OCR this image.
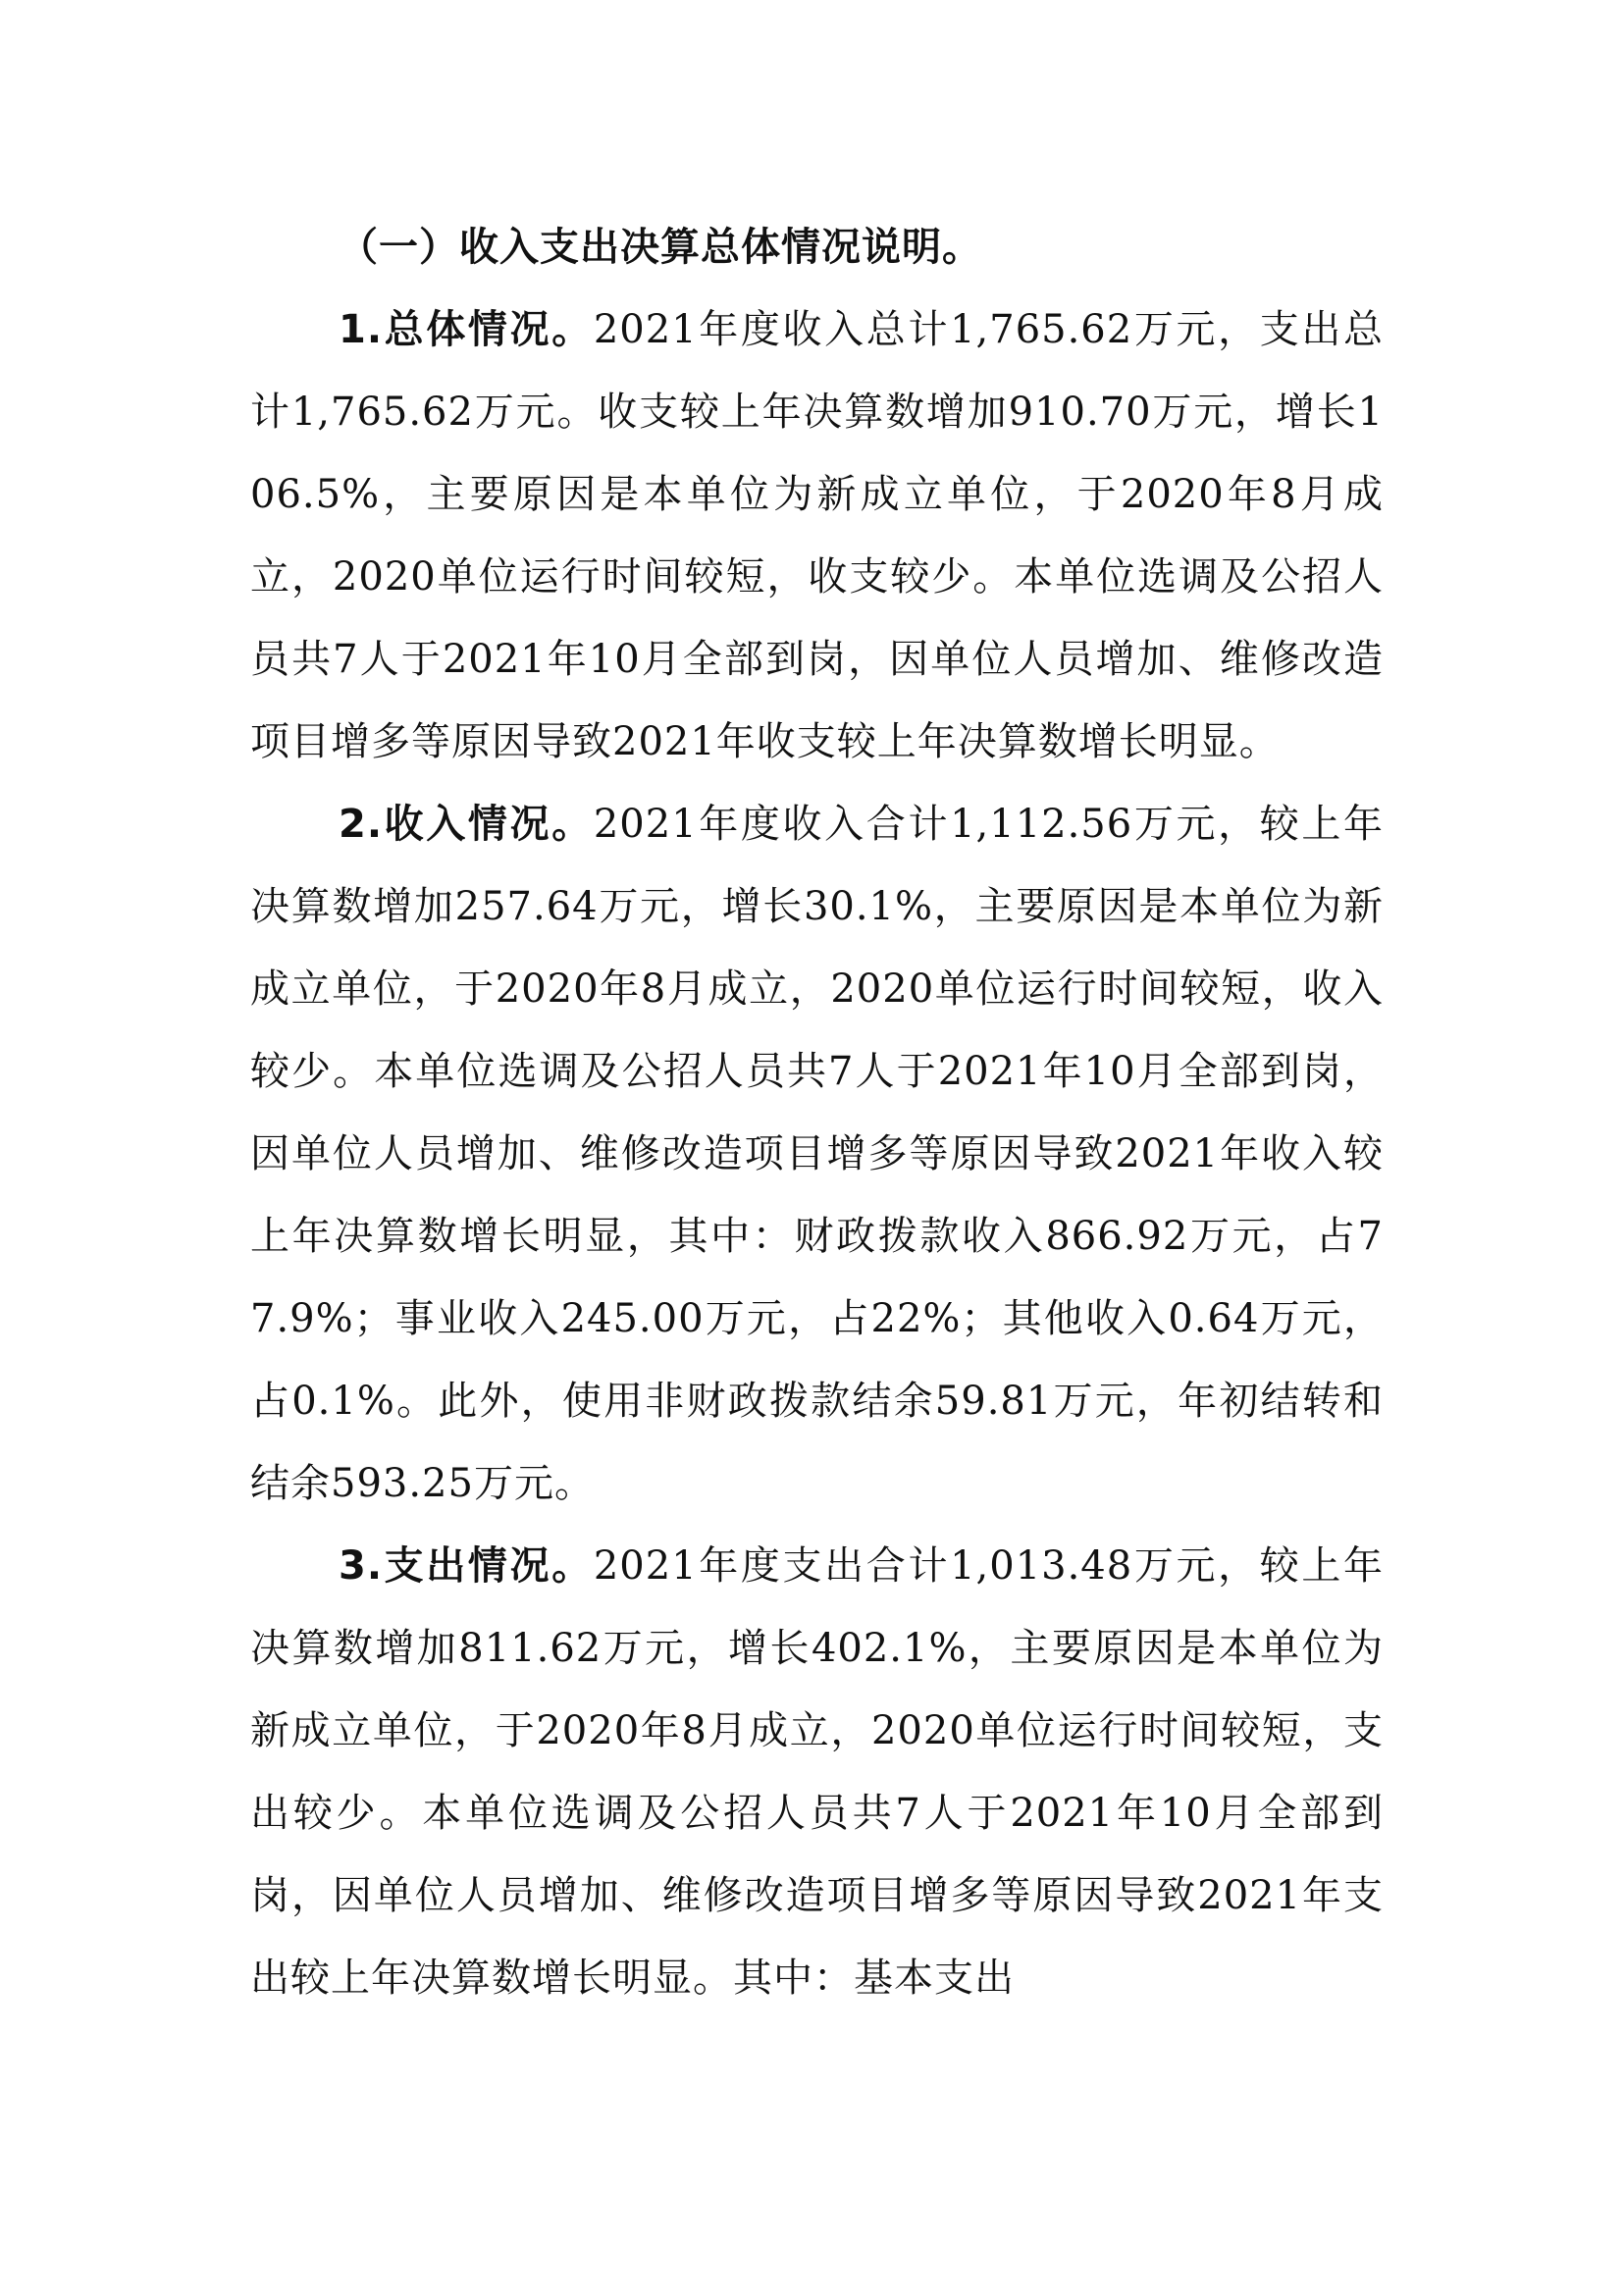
（一）收入支出决算总体情况说明。

1.总体情况。2021年度收入总计1,765.62万元，支出总计1,765.62万元。收支较上年决算数增加910.70万元，增长106.5%，主要原因是本单位为新成立单位，于2020年8月成立，2020单位运行时间较短，收支较少。本单位选调及公招人员共7人于2021年10月全部到岗，因单位人员增加、维修改造项目增多等原因导致2021年收支较上年决算数增长明显。

2.收入情况。2021年度收入合计1,112.56万元，较上年决算数增加257.64万元，增长30.1%，主要原因是本单位为新成立单位，于2020年8月成立，2020单位运行时间较短，收入较少。本单位选调及公招人员共7人于2021年10月全部到岗，因单位人员增加、维修改造项目增多等原因导致2021年收入较上年决算数增长明显，其中：财政拨款收入866.92万元，占77.9%；事业收入245.00万元，占22%；其他收入0.64万元，占0.1%。此外，使用非财政拨款结余59.81万元，年初结转和结余593.25万元。

3.支出情况。2021年度支出合计1,013.48万元，较上年决算数增加811.62万元，增长402.1%，主要原因是本单位为新成立单位，于2020年8月成立，2020单位运行时间较短，支出较少。本单位选调及公招人员共7人于2021年10月全部到岗，因单位人员增加、维修改造项目增多等原因导致2021年支出较上年决算数增长明显。其中：基本支出
